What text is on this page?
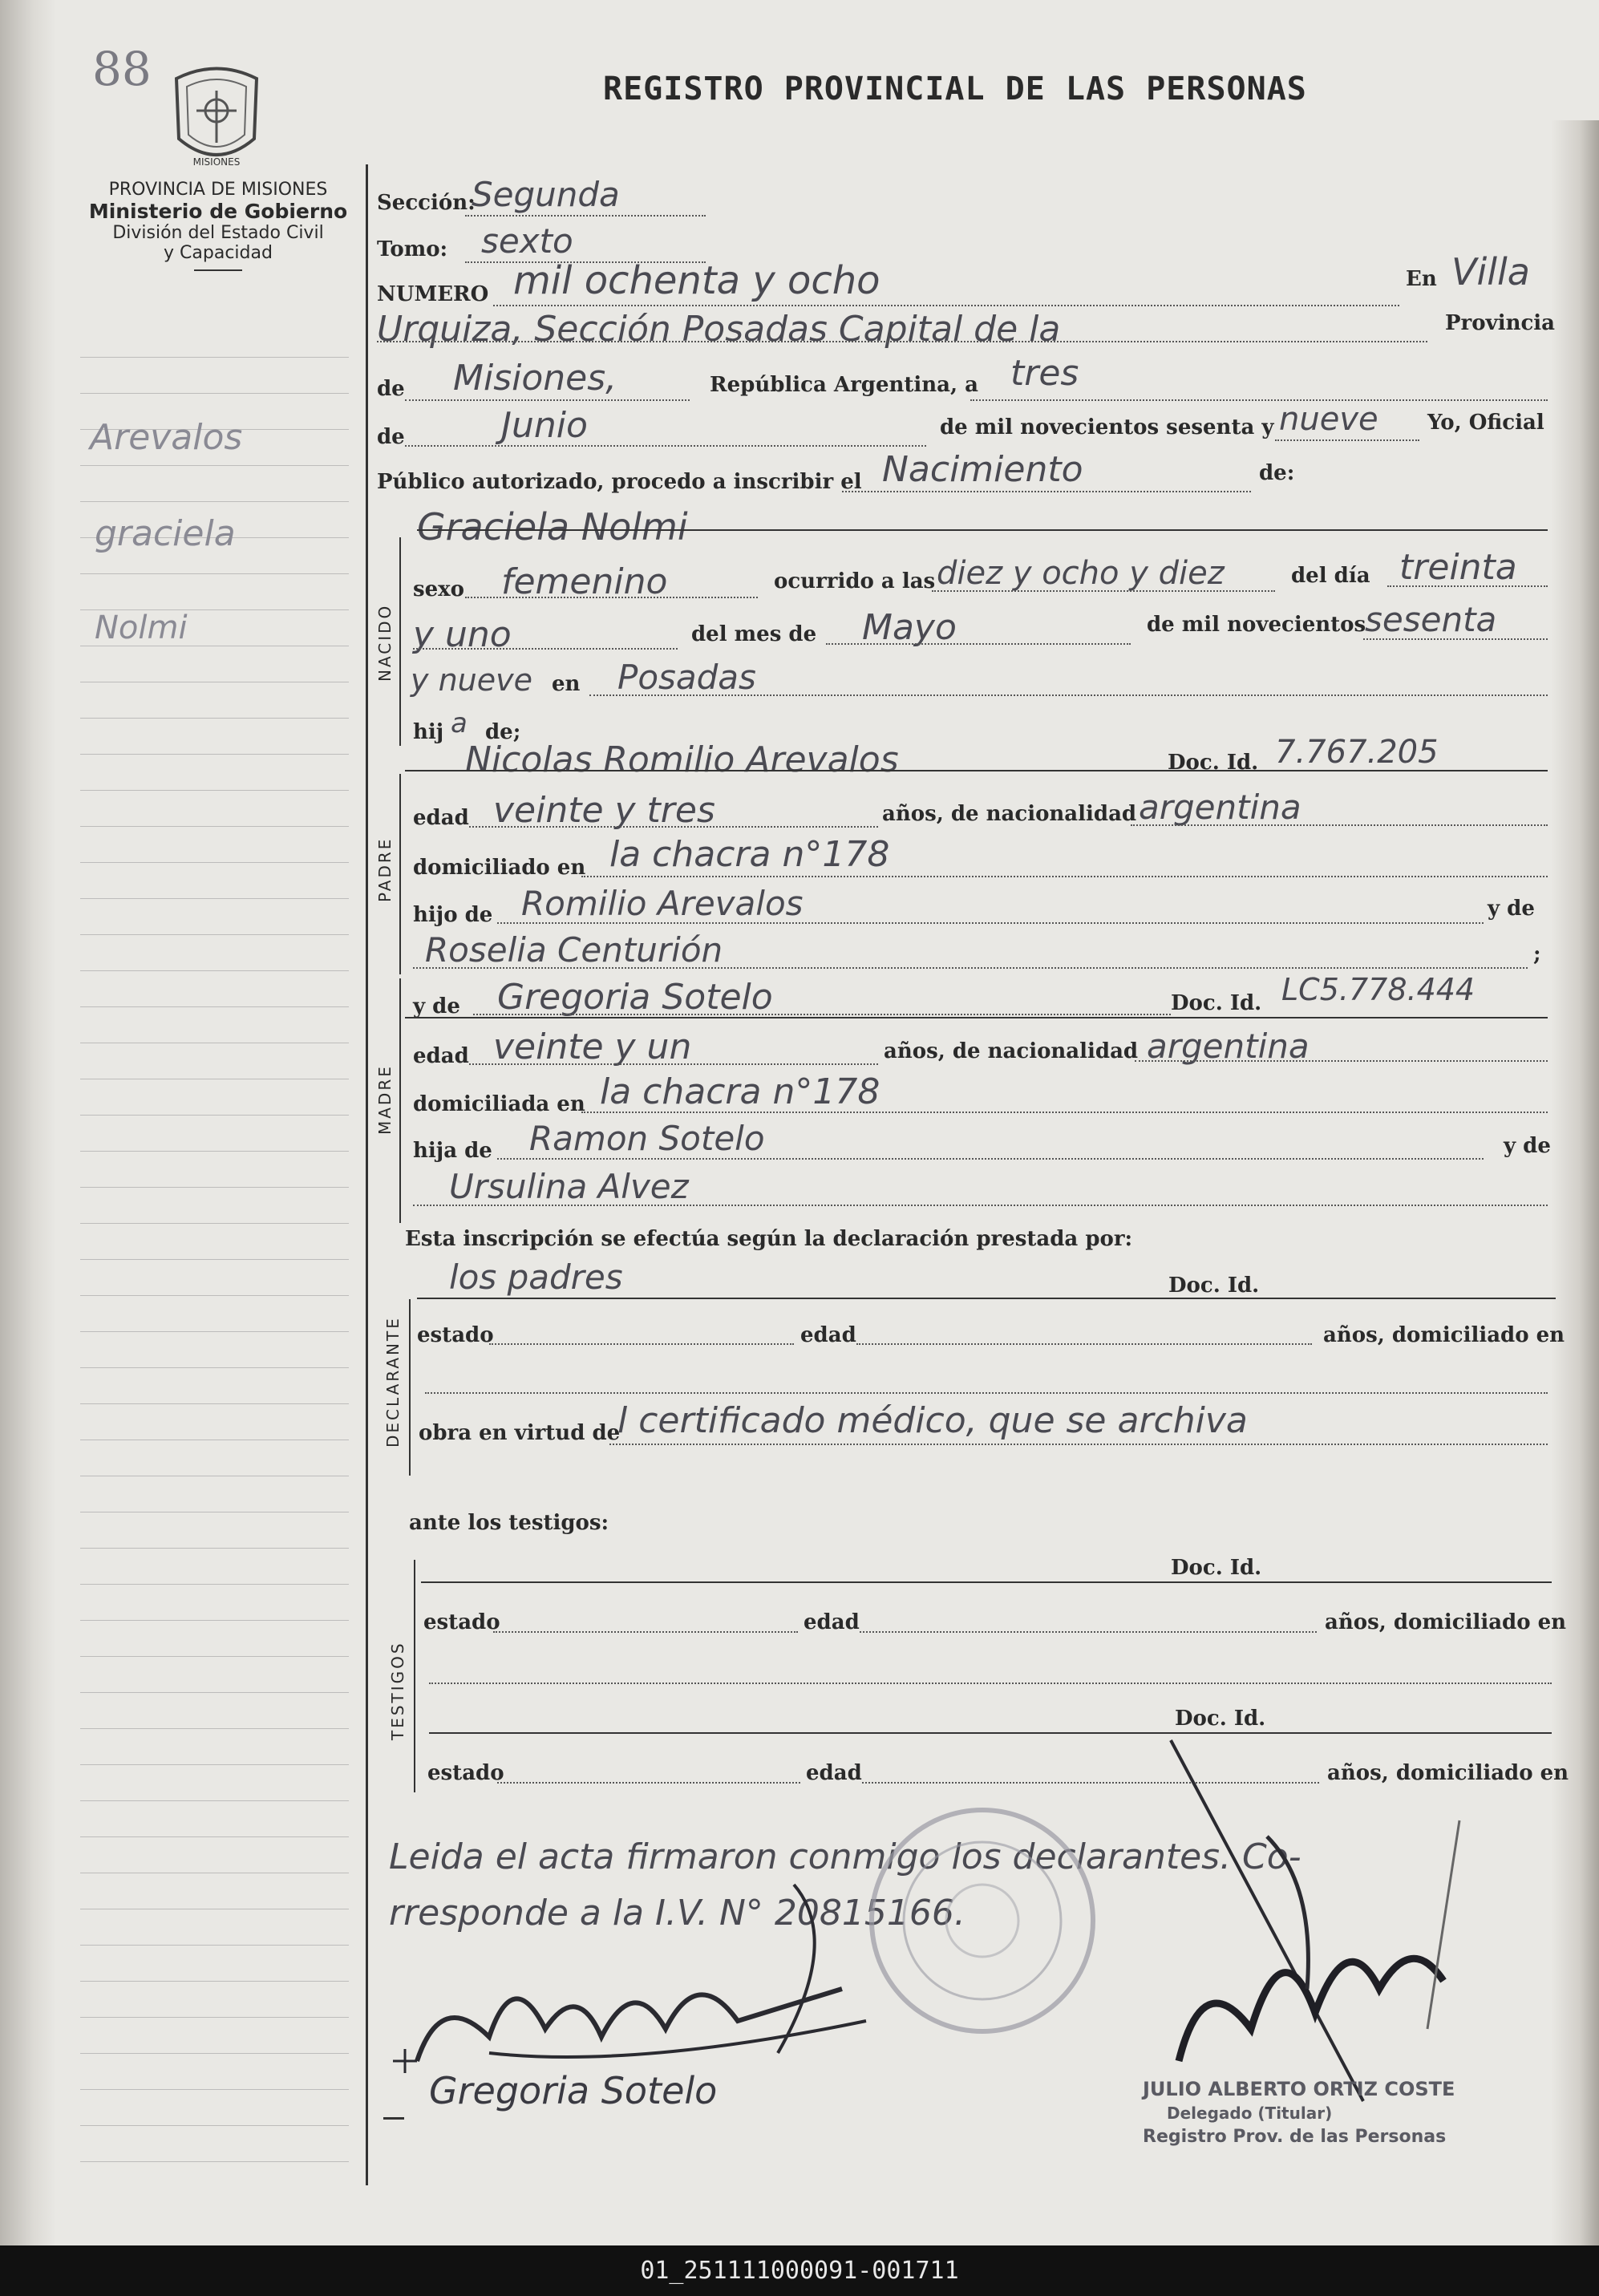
88
MISIONES
REGISTRO PROVINCIAL DE LAS PERSONAS
PROVINCIA DE MISIONES
Ministerio de Gobierno
División del Estado Civil
y Capacidad
Arevalos
graciela
Nolmi
Sección:
Segunda
Tomo: sexto
NUMERO mil ochenta y ocho	En Villa
Urquiza, Sección Posadas Capital de la	Provincia
de Misiones,	República Argentina, a tres
de	Junio	de mil novecientos sesenta y nueve Yo, Oficial
Público autorizado, procedo a inscribir el Nacimiento	de:
Graciela Nolmi
NACIDO
sexo femenino	ocurrido a las diez y ocho y diez	del día treinta
y uno	del mes de Mayo	de mil novecientos
sesenta
y nueve en Posadas
hij a de;
Nicolas Romilio Arevalos	Doc. Id. 7.767.205
PADRE
edad veinte y tres	años, de nacionalidad argentina
domiciliado en la chacra n°178
hijo de Romilio Arevalos	y de
Roselia Centurión	;
MADRE
y de Gregoria Sotelo	Doc. Id. LC5.778.444
edad veinte y un	años, de nacionalidad argentina
domiciliada en la chacra n°178
hija de Ramon Sotelo	y de
Ursulina Alvez
Esta inscripción se efectúa según la declaración prestada por:
los padres	Doc. Id.
DECLARANTE estado	edad	años, domiciliado en
obra en virtud de
l certificado médico, que se archiva
ante los testigos:
Doc. Id.
TESTIGOS
estado	edad	años, domiciliado en
Doc. Id.
estado	edad	años, domiciliado en
Leida el acta firmaron conmigo los declarantes. Co-
rresponde a la I.V. N° 20815166.
Gregoria Sotelo	JULIO ALBERTO ORTIZ COSTE
Delegado (Titular)
Registro Prov. de las Personas
01_251111000091-001711
